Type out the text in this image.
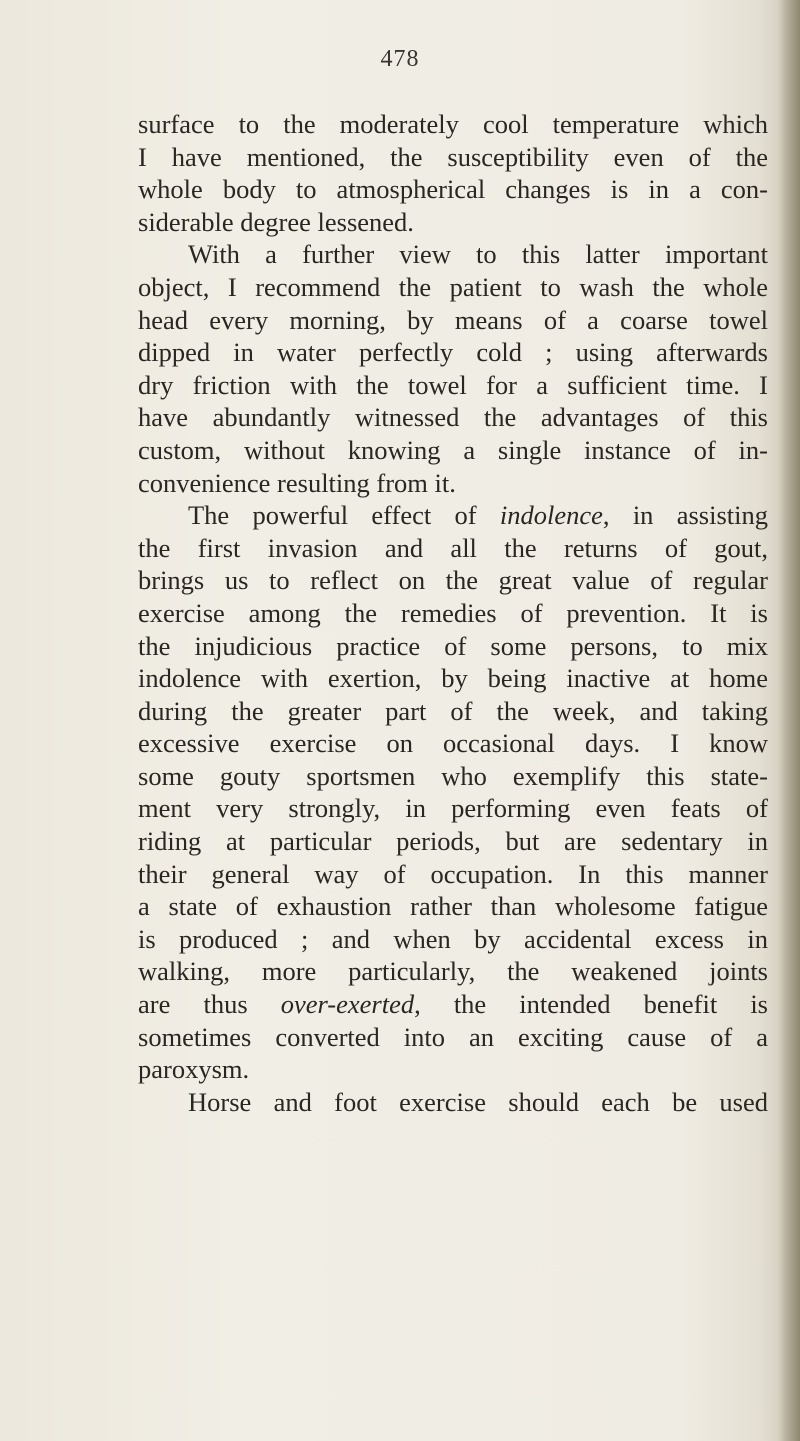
478
surface to the moderately cool temperature which
I have mentioned, the susceptibility even of the
whole body to atmospherical changes is in a con-
siderable degree lessened.
With a further view to this latter important
object, I recommend the patient to wash the whole
head every morning, by means of a coarse towel
dipped in water perfectly cold ; using afterwards
dry friction with the towel for a sufficient time. I
have abundantly witnessed the advantages of this
custom, without knowing a single instance of in-
convenience resulting from it.
The powerful effect of indolence, in assisting
the first invasion and all the returns of gout,
brings us to reflect on the great value of regular
exercise among the remedies of prevention. It is
the injudicious practice of some persons, to mix
indolence with exertion, by being inactive at home
during the greater part of the week, and taking
excessive exercise on occasional days. I know
some gouty sportsmen who exemplify this state-
ment very strongly, in performing even feats of
riding at particular periods, but are sedentary in
their general way of occupation. In this manner
a state of exhaustion rather than wholesome fatigue
is produced ; and when by accidental excess in
walking, more particularly, the weakened joints
are thus over-exerted, the intended benefit is
sometimes converted into an exciting cause of a
paroxysm.
Horse and foot exercise should each be used
